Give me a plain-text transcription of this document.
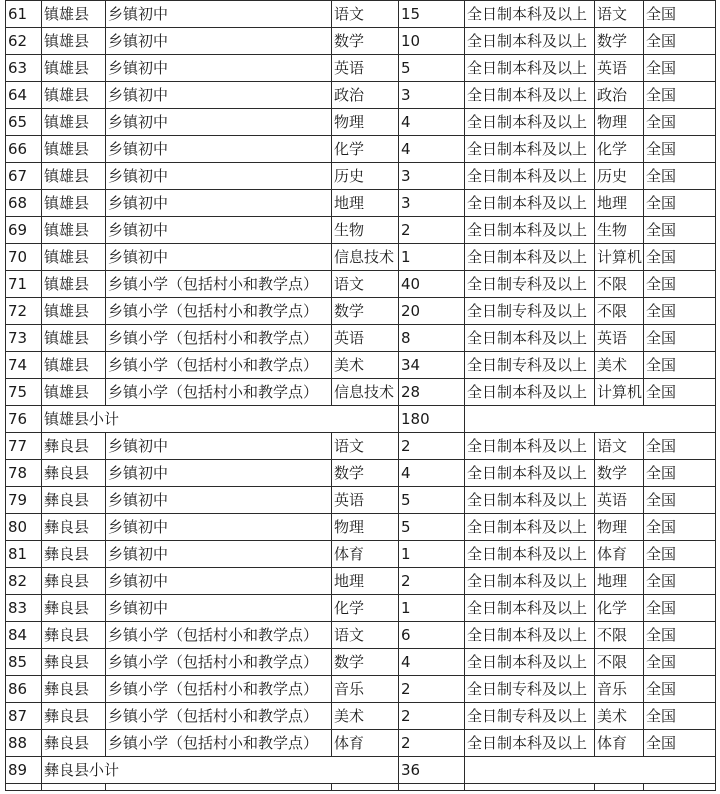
61	镇雄县	乡镇初中	语文	15	全日制本科及以上	语文	全国
62	镇雄县	乡镇初中	数学	10	全日制本科及以上	数学	全国
63	镇雄县	乡镇初中	英语	5	全日制本科及以上	英语	全国
64	镇雄县	乡镇初中	政治	3	全日制本科及以上	政治	全国
65	镇雄县	乡镇初中	物理	4	全日制本科及以上	物理	全国
66	镇雄县	乡镇初中	化学	4	全日制本科及以上	化学	全国
67	镇雄县	乡镇初中	历史	3	全日制本科及以上	历史	全国
68	镇雄县	乡镇初中	地理	3	全日制本科及以上	地理	全国
69	镇雄县	乡镇初中	生物	2	全日制本科及以上	生物	全国
70	镇雄县	乡镇初中	信息技术	1	全日制本科及以上	计算机	全国
71	镇雄县	乡镇小学（包括村小和教学点）	语文	40	全日制专科及以上	不限	全国
72	镇雄县	乡镇小学（包括村小和教学点）	数学	20	全日制专科及以上	不限	全国
73	镇雄县	乡镇小学（包括村小和教学点）	英语	8	全日制本科及以上	英语	全国
74	镇雄县	乡镇小学（包括村小和教学点）	美术	34	全日制专科及以上	美术	全国
75	镇雄县	乡镇小学（包括村小和教学点）	信息技术	28	全日制本科及以上	计算机	全国
76	镇雄县小计			180			
77	彝良县	乡镇初中	语文	2	全日制本科及以上	语文	全国
78	彝良县	乡镇初中	数学	4	全日制本科及以上	数学	全国
79	彝良县	乡镇初中	英语	5	全日制本科及以上	英语	全国
80	彝良县	乡镇初中	物理	5	全日制本科及以上	物理	全国
81	彝良县	乡镇初中	体育	1	全日制本科及以上	体育	全国
82	彝良县	乡镇初中	地理	2	全日制本科及以上	地理	全国
83	彝良县	乡镇初中	化学	1	全日制本科及以上	化学	全国
84	彝良县	乡镇小学（包括村小和教学点）	语文	6	全日制本科及以上	不限	全国
85	彝良县	乡镇小学（包括村小和教学点）	数学	4	全日制本科及以上	不限	全国
86	彝良县	乡镇小学（包括村小和教学点）	音乐	2	全日制专科及以上	音乐	全国
87	彝良县	乡镇小学（包括村小和教学点）	美术	2	全日制专科及以上	美术	全国
88	彝良县	乡镇小学（包括村小和教学点）	体育	2	全日制本科及以上	体育	全国
89	彝良县小计			36			
